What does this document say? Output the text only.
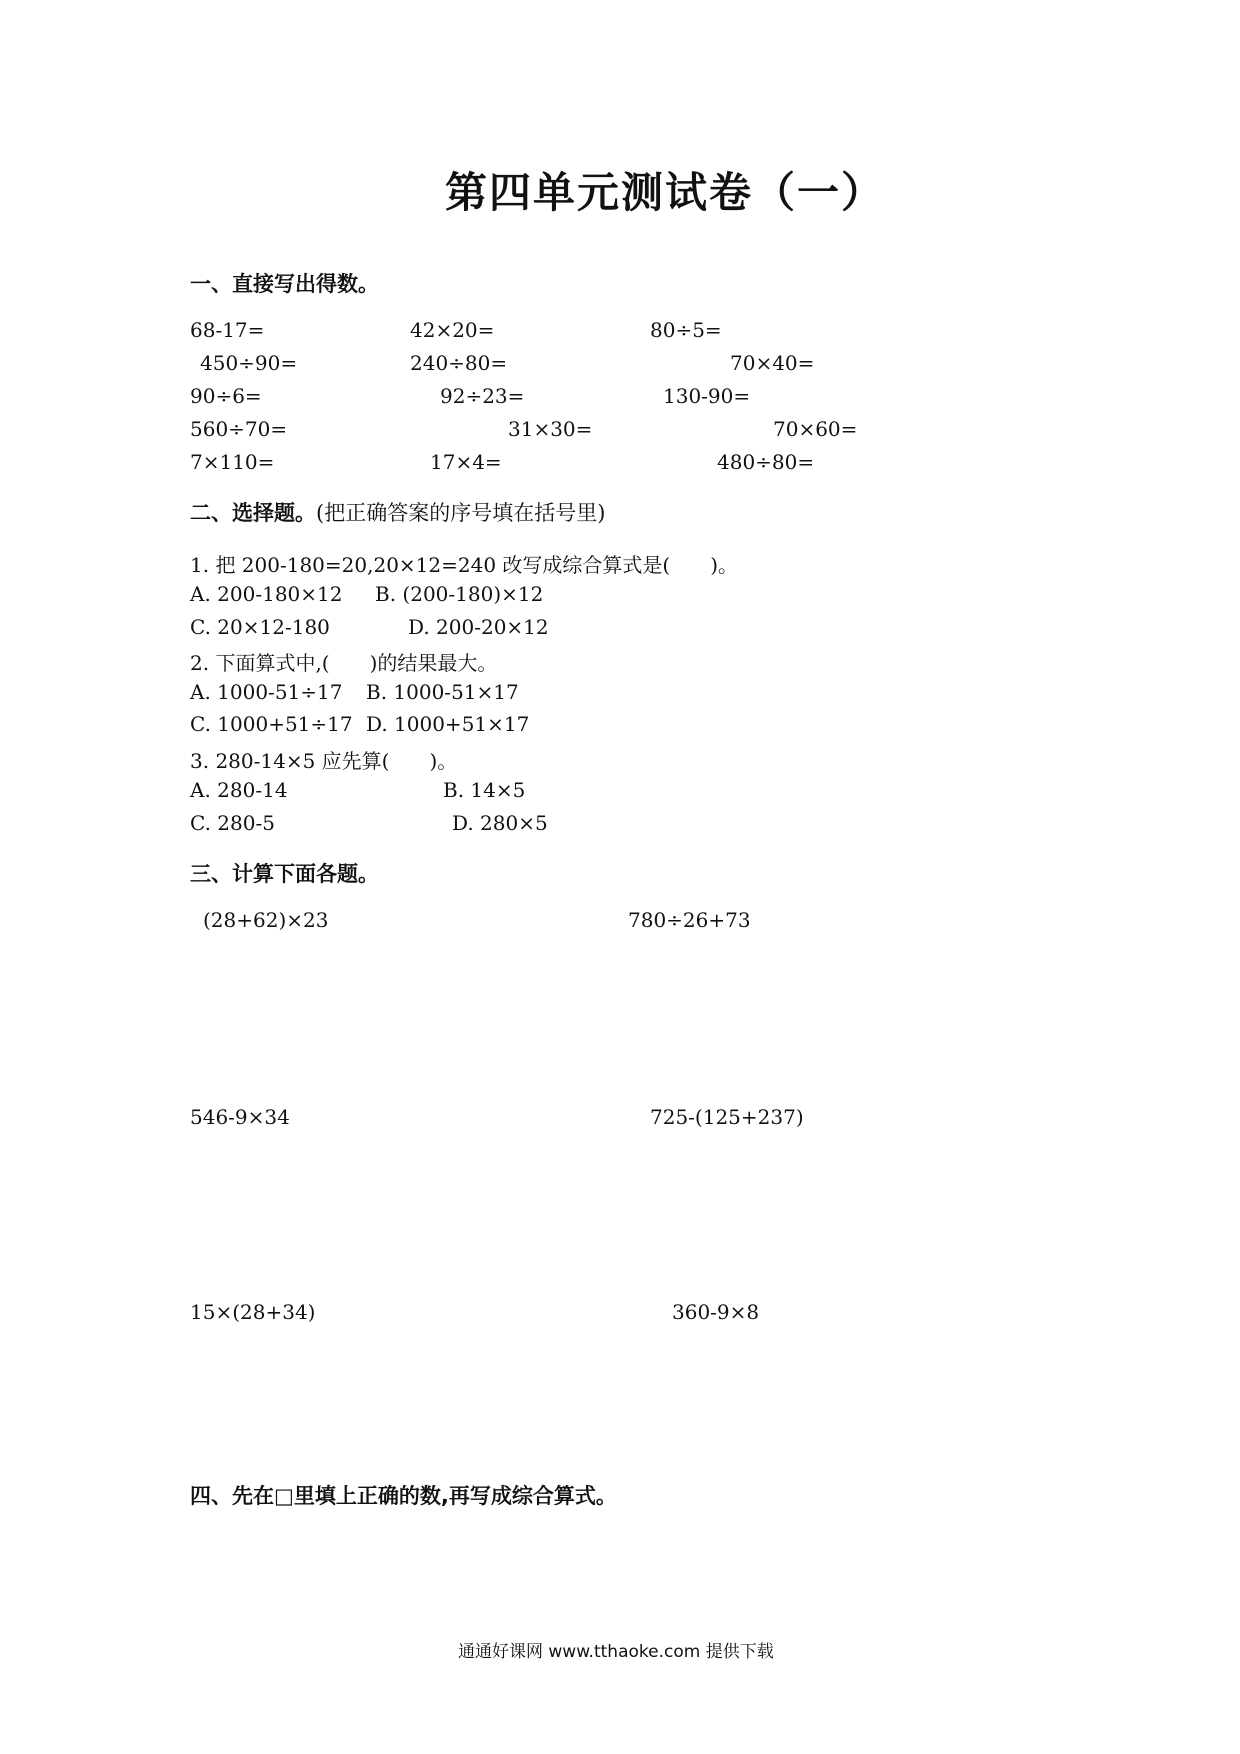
第四单元测试卷（一）
一、直接写出得数。
68-17=	42×20=	80÷5=
450÷90=	240÷80=	70×40=
90÷6=	92÷23=	130-90=
560÷70=	31×30=	70×60=
7×110=	17×4=	480÷80=
二、选择题。(把正确答案的序号填在括号里)
1. 把 200-180=20,20×12=240 改写成综合算式是(　　)。
A. 200-180×12 B. (200-180)×12
C. 20×12-180	D. 200-20×12
2. 下面算式中,(　　)的结果最大。
A. 1000-51÷17 B. 1000-51×17
C. 1000+51÷17 D. 1000+51×17
3. 280-14×5 应先算(　　)。
A. 280-14	B. 14×5
C. 280-5	D. 280×5
三、计算下面各题。
(28+62)×23	780÷26+73
546-9×34	725-(125+237)
15×(28+34)	360-9×8
四、先在□里填上正确的数,再写成综合算式。
通通好课网 www.tthaoke.com 提供下载
